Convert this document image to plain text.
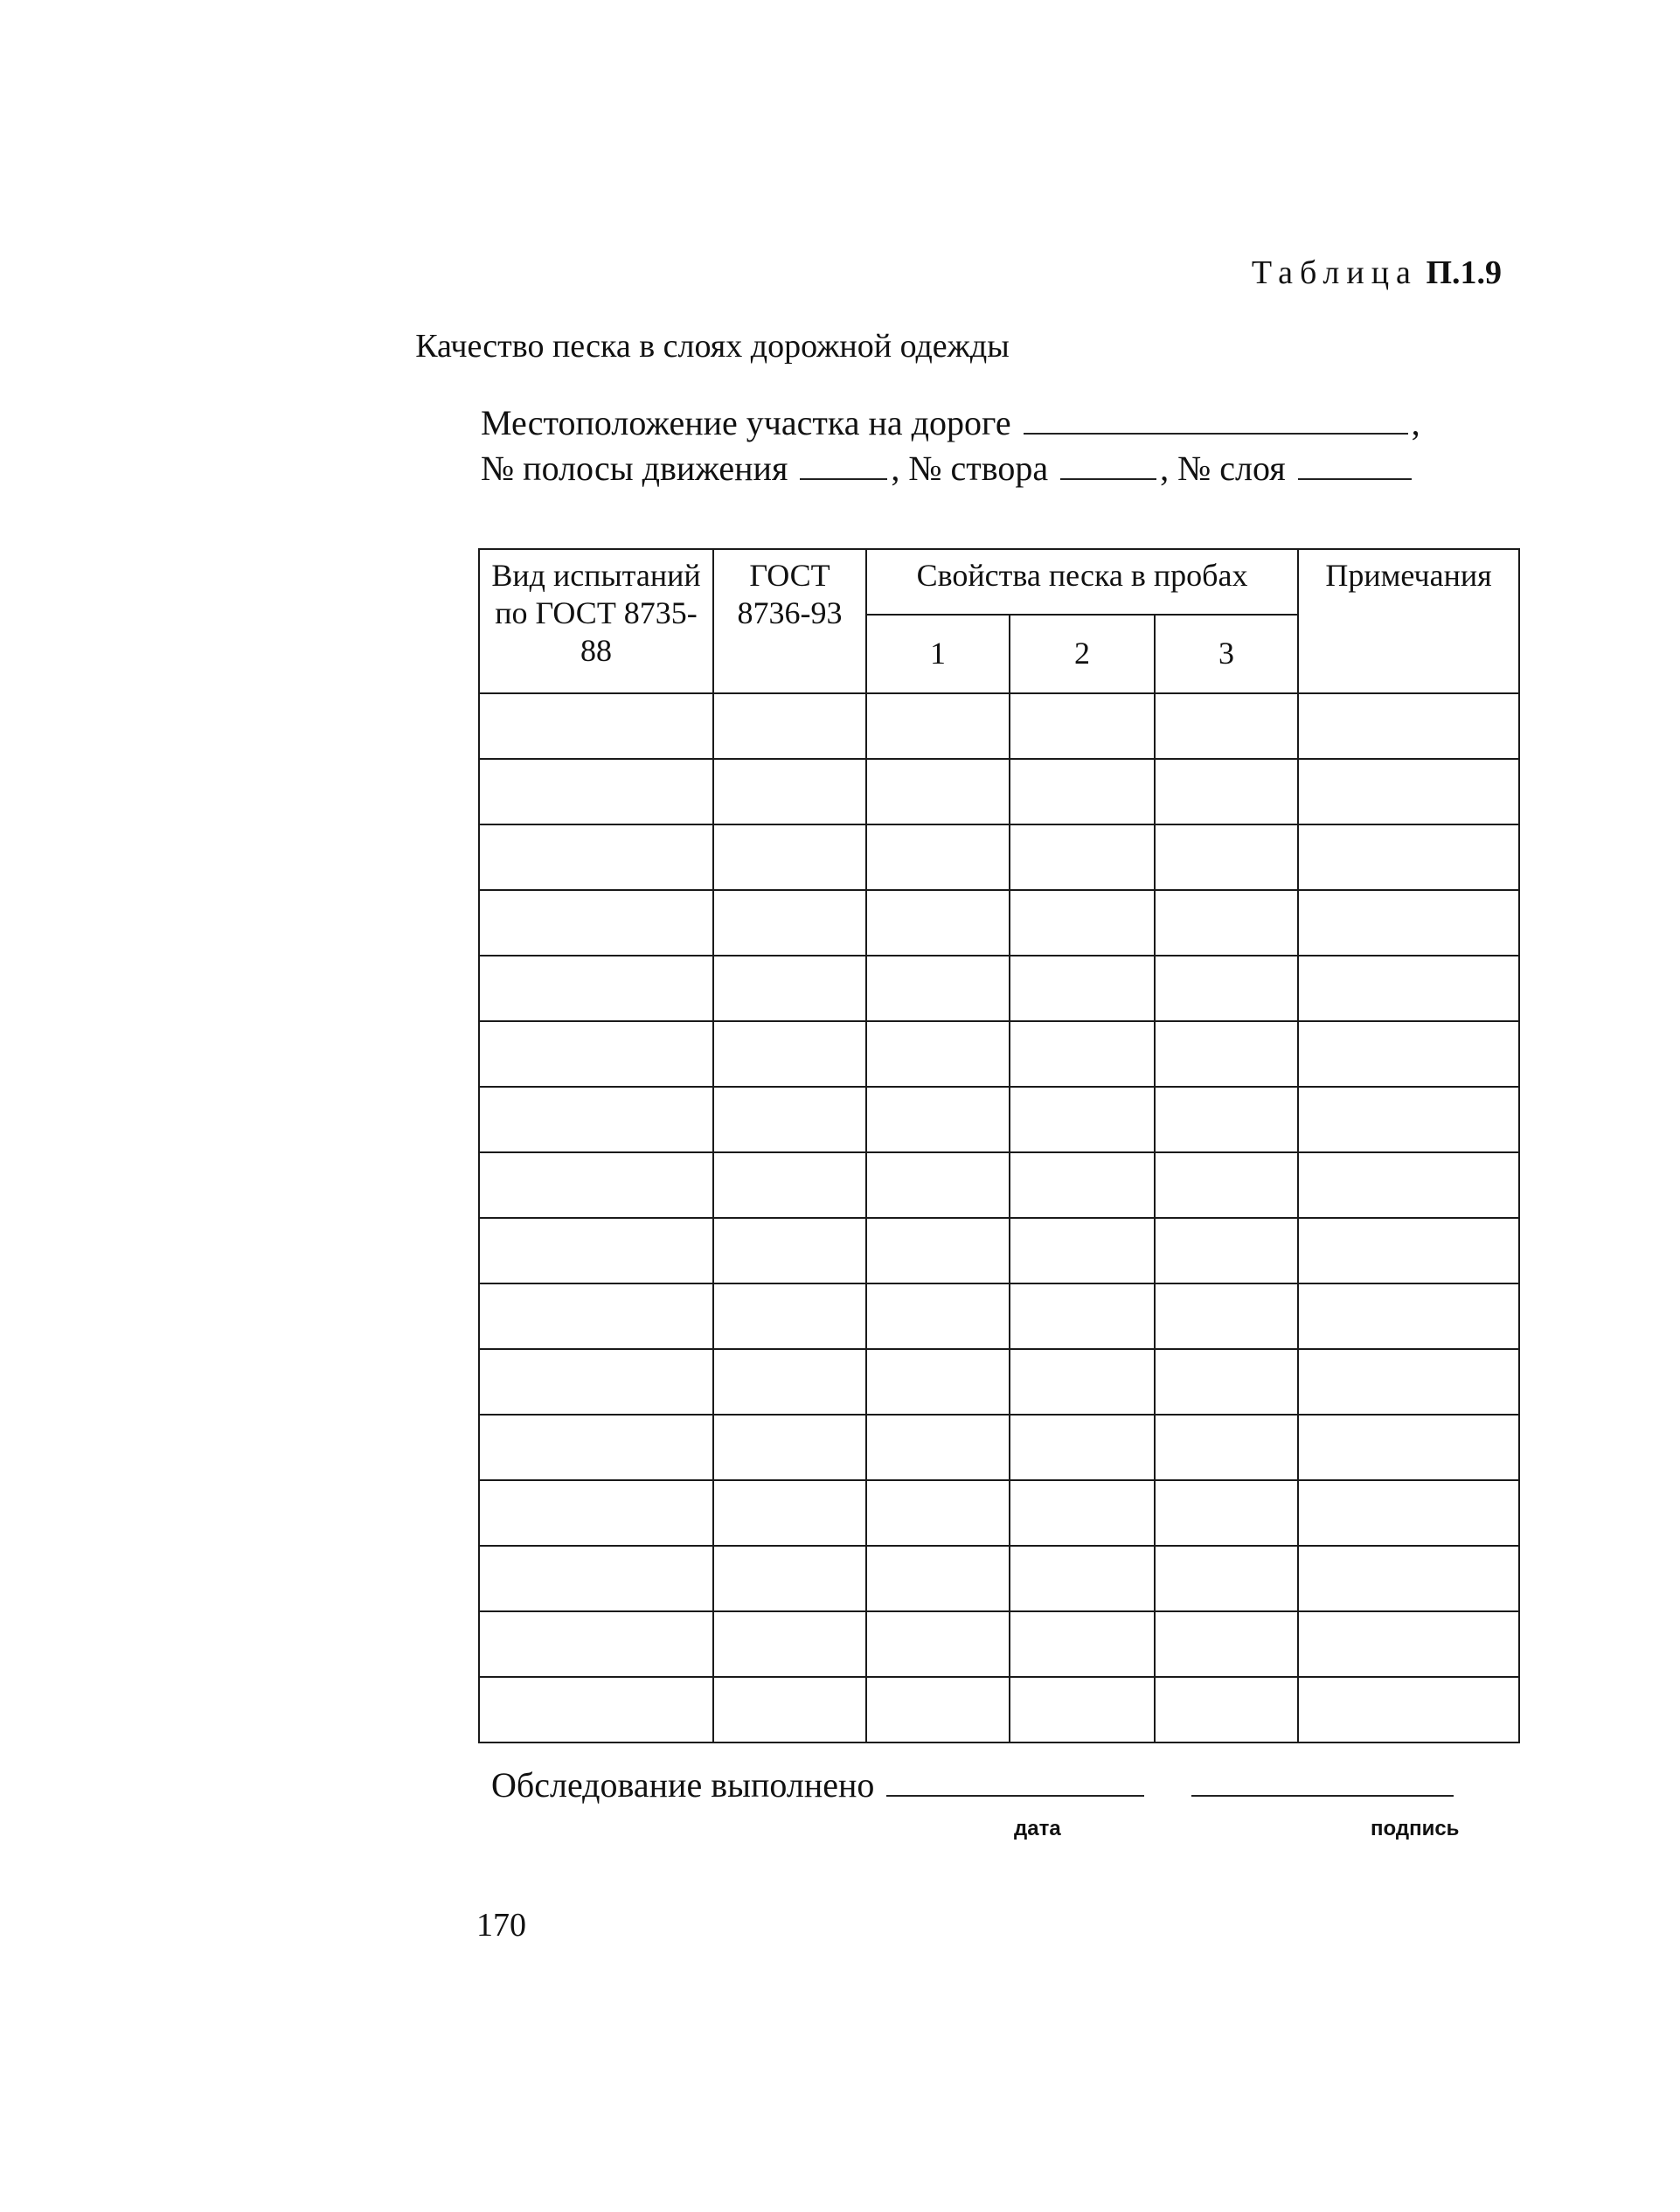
Таблица П.1.9
Качество песка в слоях дорожной одежды
Местоположение участка на дороге	,
№ полосы движения	, № створа	, № слоя
Вид испытаний по ГОСТ 8735-88	ГОСТ 8736-93	Свойства песка в пробах			Примечания
		1	2	3	

Обследование выполнено
дата	подпись
170
